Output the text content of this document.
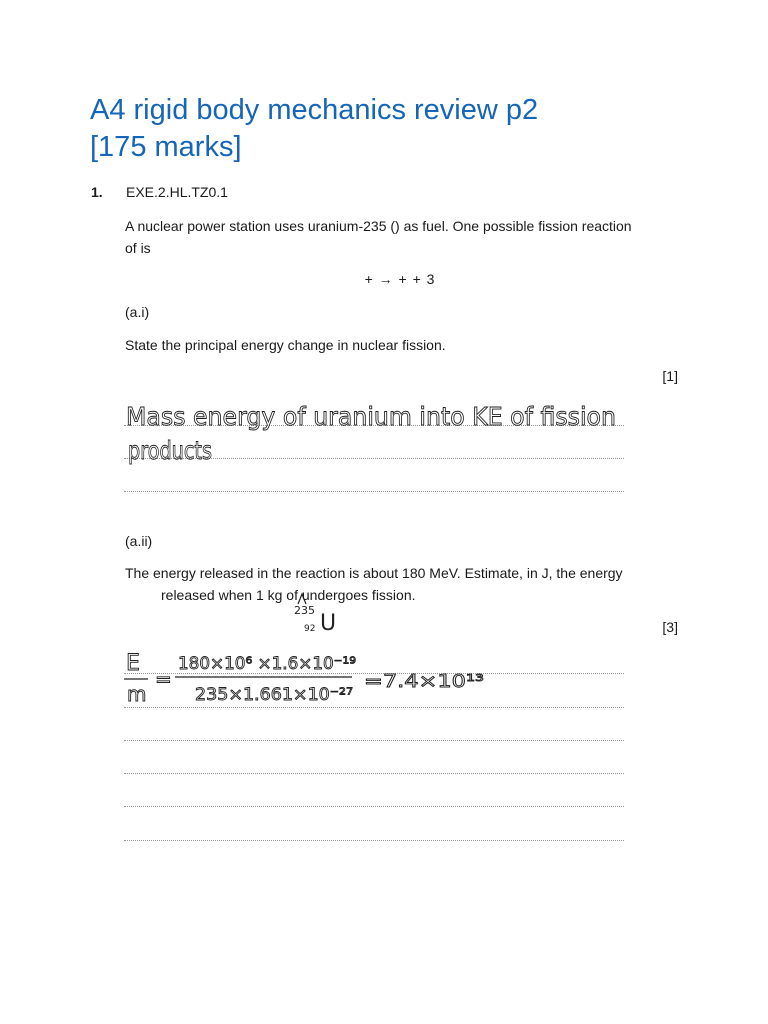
A4 rigid body mechanics review p2
[175 marks]
1. EXE.2.HL.TZ0.1
A nuclear power station uses uranium-235 () as fuel. One possible fission reaction
of is
+ → + + 3
(a.i)
State the principal energy change in nuclear fission.
[1]
Mass energy of uranium into KE of fission
products
(a.ii)
The energy released in the reaction is about 180 MeV. Estimate, in J, the energy
released when 1 kg of undergoes fission.
[3]
235
92 U
E
m
=
180×10⁶ ×1.6×10⁻¹⁹
235×1.661×10⁻²⁷
=7.4×10¹³
